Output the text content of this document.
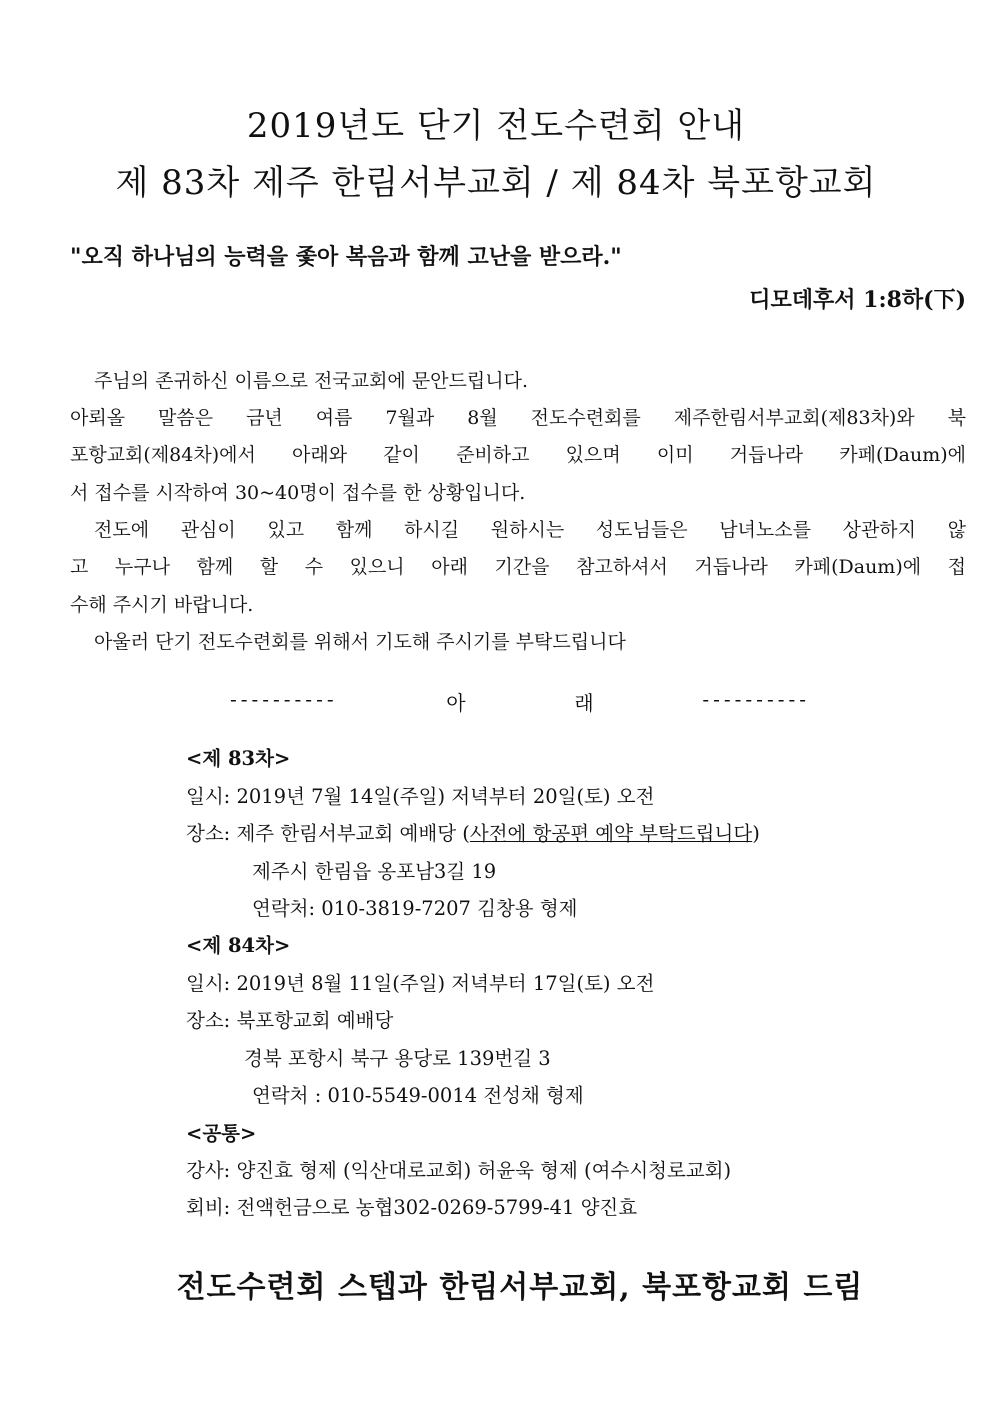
2019년도 단기 전도수련회 안내
제 83차 제주 한림서부교회 / 제 84차 북포항교회
"오직 하나님의 능력을 좇아 복음과 함께 고난을 받으라."
디모데후서 1:8하(下)
주님의 존귀하신 이름으로 전국교회에 문안드립니다.
아뢰올 말씀은 금년 여름 7월과 8월 전도수련회를 제주한림서부교회(제83차)와 북
포항교회(제84차)에서 아래와 같이 준비하고 있으며 이미 거듭나라 카페(Daum)에
서 접수를 시작하여 30~40명이 접수를 한 상황입니다.
전도에 관심이 있고 함께 하시길 원하시는 성도님들은 남녀노소를 상관하지 않
고 누구나 함께 할 수 있으니 아래 기간을 참고하셔서 거듭나라 카페(Daum)에 접
수해 주시기 바랍니다.
아울러 단기 전도수련회를 위해서 기도해 주시기를 부탁드립니다
----------	아	래	----------
<제 83차>
일시: 2019년 7월 14일(주일) 저녁부터 20일(토) 오전
장소: 제주 한림서부교회 예배당 (사전에 항공편 예약 부탁드립니다)
제주시 한림읍 옹포남3길 19
연락처: 010-3819-7207 김창용 형제
<제 84차>
일시: 2019년 8월 11일(주일) 저녁부터 17일(토) 오전
장소: 북포항교회 예배당
경북 포항시 북구 용당로 139번길 3
연락처 : 010-5549-0014 전성채 형제
<공통>
강사: 양진효 형제 (익산대로교회) 허윤욱 형제 (여수시청로교회)
회비: 전액헌금으로 농협302-0269-5799-41 양진효
전도수련회 스텝과 한림서부교회, 북포항교회 드림
